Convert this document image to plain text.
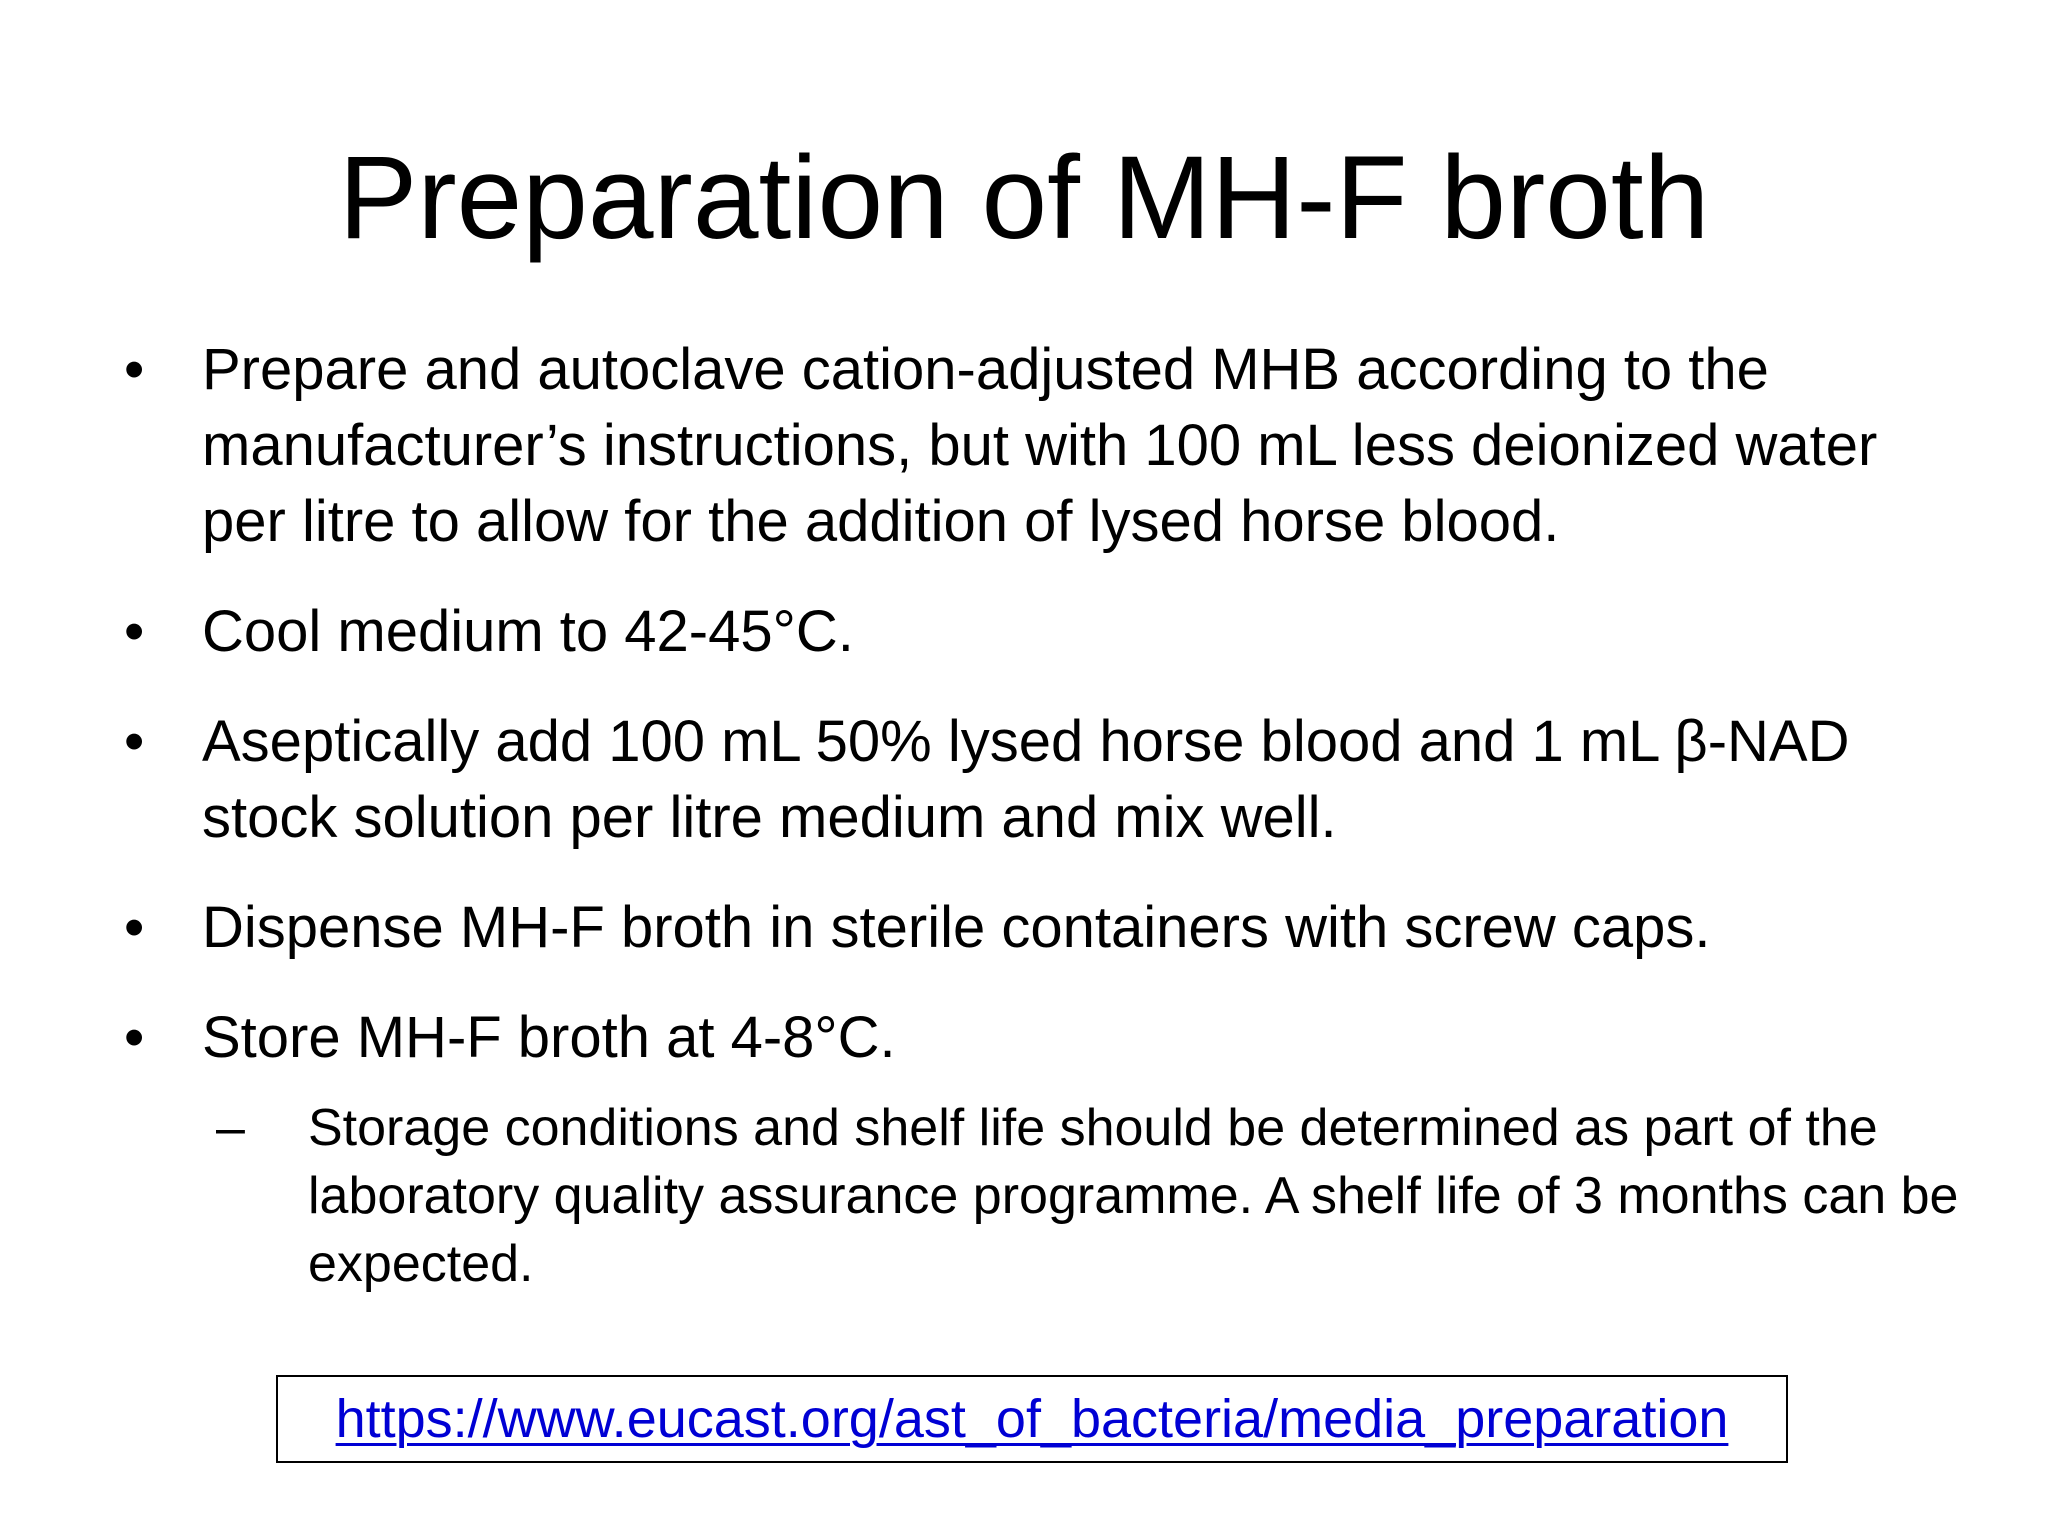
Preparation of MH-F broth
• Prepare and autoclave cation-adjusted MHB according to the manufacturer’s instructions, but with 100 mL less deionized water per litre to allow for the addition of lysed horse blood.
• Cool medium to 42-45°C.
• Aseptically add 100 mL 50% lysed horse blood and 1 mL β-NAD stock solution per litre medium and mix well.
• Dispense MH-F broth in sterile containers with screw caps.
• Store MH-F broth at 4-8°C.
–	Storage conditions and shelf life should be determined as part of the laboratory quality assurance programme. A shelf life of 3 months can be expected.
https://www.eucast.org/ast_of_bacteria/media_preparation
